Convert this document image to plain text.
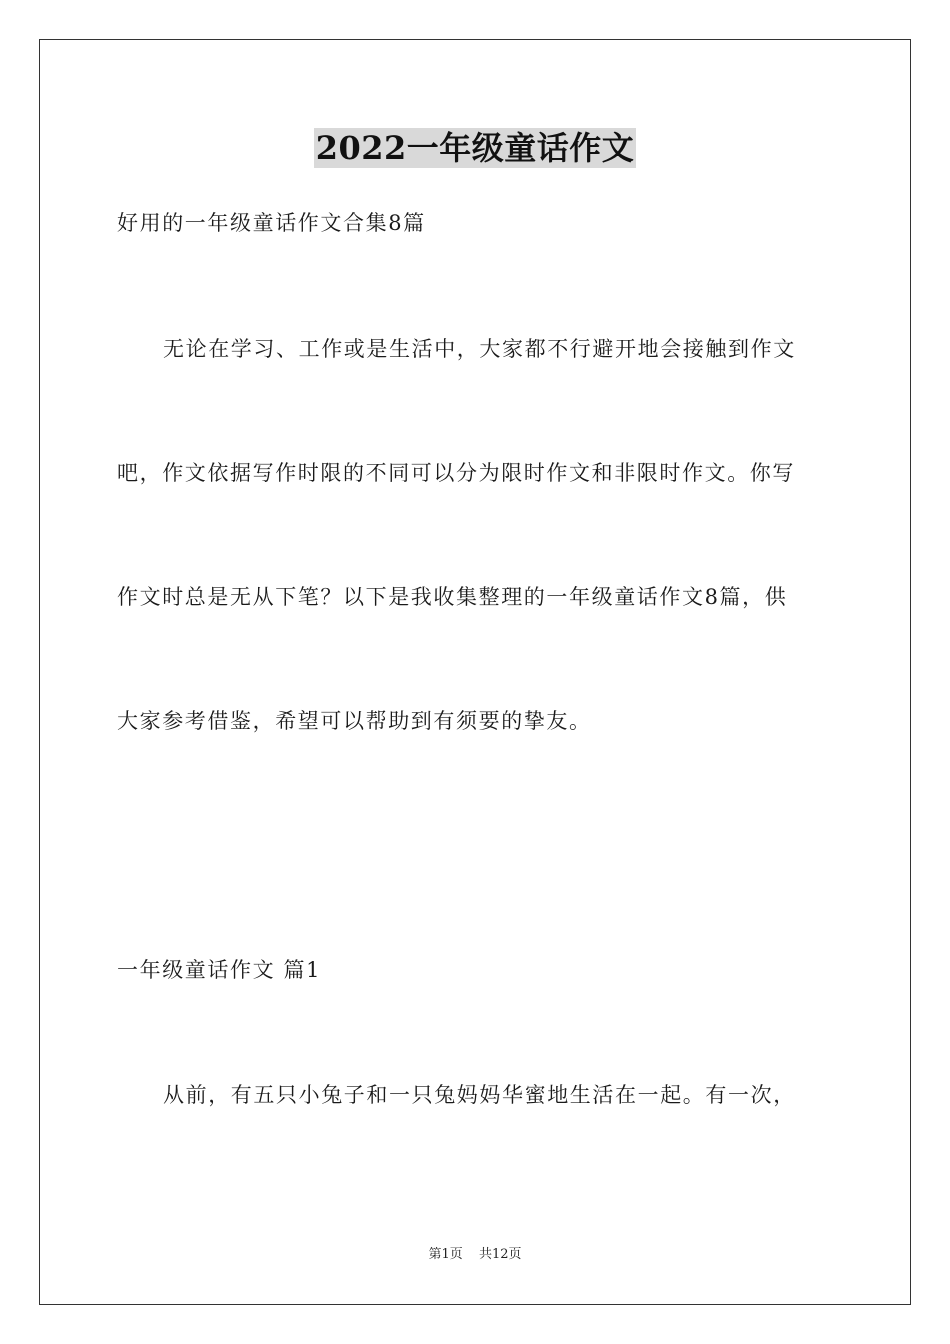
2022一年级童话作文
好用的一年级童话作文合集8篇
无论在学习、工作或是生活中，大家都不行避开地会接触到作文
吧，作文依据写作时限的不同可以分为限时作文和非限时作文。你写
作文时总是无从下笔？以下是我收集整理的一年级童话作文8篇，供
大家参考借鉴，希望可以帮助到有须要的挚友。
一年级童话作文 篇1
从前，有五只小兔子和一只兔妈妈华蜜地生活在一起。有一次，
第1页 共12页
